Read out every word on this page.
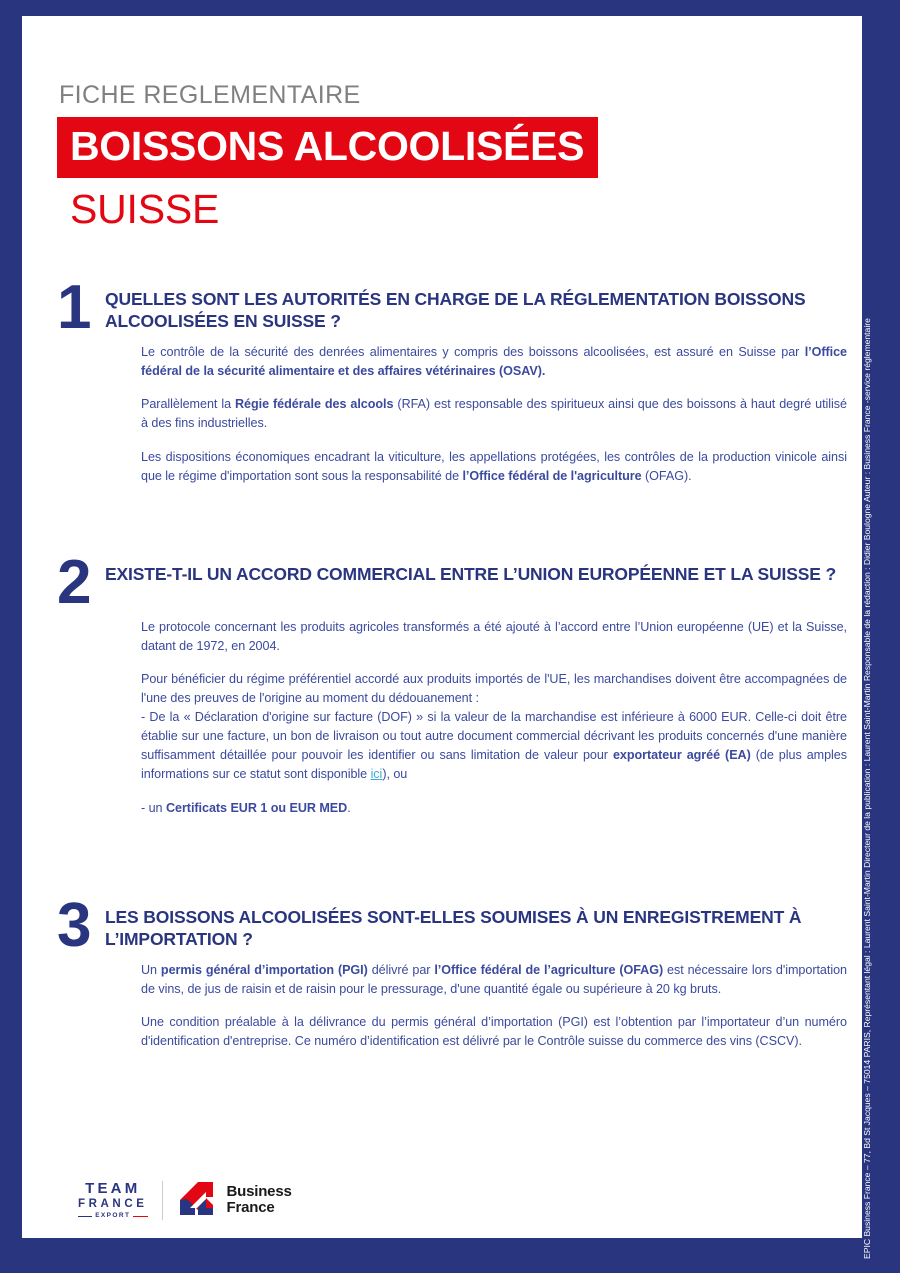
FICHE REGLEMENTAIRE
BOISSONS ALCOOLISÉES
SUISSE
1 QUELLES SONT LES AUTORITÉS EN CHARGE DE LA RÉGLEMENTATION BOISSONS ALCOOLISÉES EN SUISSE ?

Le contrôle de la sécurité des denrées alimentaires y compris des boissons alcoolisées, est assuré en Suisse par l’Office fédéral de la sécurité alimentaire et des affaires vétérinaires (OSAV).

Parallèlement la Régie fédérale des alcools (RFA) est responsable des spiritueux ainsi que des boissons à haut degré utilisé à des fins industrielles.

Les dispositions économiques encadrant la viticulture, les appellations protégées, les contrôles de la production vinicole ainsi que le régime d'importation sont sous la responsabilité de l’Office fédéral de l'agriculture (OFAG).

2 EXISTE-T-IL UN ACCORD COMMERCIAL ENTRE L’UNION EUROPÉENNE ET LA SUISSE ?

Le protocole concernant les produits agricoles transformés a été ajouté à l’accord entre l’Union européenne (UE) et la Suisse, datant de 1972, en 2004.

Pour bénéficier du régime préférentiel accordé aux produits importés de l'UE, les marchandises doivent être accompagnées de l'une des preuves de l'origine au moment du dédouanement :

- De la « Déclaration d'origine sur facture (DOF) » si la valeur de la marchandise est inférieure à 6000 EUR. Celle-ci doit être établie sur une facture, un bon de livraison ou tout autre document commercial décrivant les produits concernés d'une manière suffisamment détaillée pour pouvoir les identifier ou sans limitation de valeur pour exportateur agréé (EA) (de plus amples informations sur ce statut sont disponible ici), ou

- un Certificats EUR 1 ou EUR MED.

3 LES BOISSONS ALCOOLISÉES SONT-ELLES SOUMISES À UN ENREGISTREMENT À L’IMPORTATION ?

Un permis général d’importation (PGI) délivré par l’Office fédéral de l’agriculture (OFAG) est nécessaire lors d'importation de vins, de jus de raisin et de raisin pour le pressurage, d'une quantité égale ou supérieure à 20 kg bruts.

Une condition préalable à la délivrance du permis général d’importation (PGI) est l’obtention par l’importateur d’un numéro d'identification d'entreprise. Ce numéro d’identification est délivré par le Contrôle suisse du commerce des vins (CSCV).

TEAM
FRANCE
EXPORT
Business
France	EPIC Business France – 77, Bd St Jacques – 75014 PARIS, Représentant légal : Laurent Saint-Martin Directeur de la publication : Laurent Saint-Martin Responsable de la rédaction : Didier Boulogne Auteur : Business France -service réglementaire
